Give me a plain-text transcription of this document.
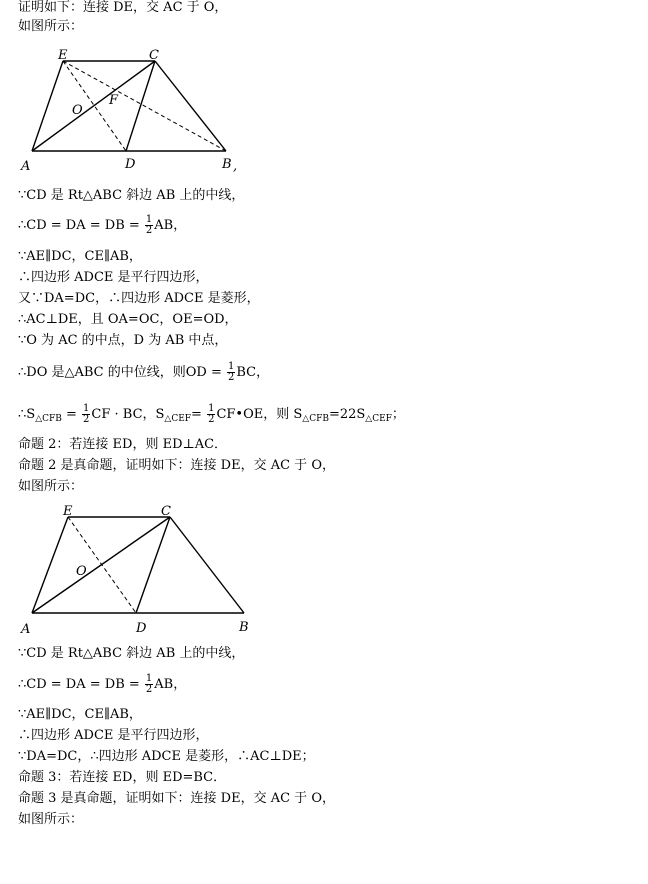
证明如下：连接 DE，交 AC 于 O，
如图所示：
E	C
O
F
A	D	B ,
∵CD 是 Rt△ABC 斜边 AB 上的中线，
∴CD = DA = DB = $\frac{1}{2}$ AB，
∵AE∥DC，CE∥AB，
∴四边形 ADCE 是平行四边形，
又∵DA=DC，∴四边形 ADCE 是菱形，
∴AC⊥DE，且 OA=OC，OE=OD，
∵O 为 AC 的中点，D 为 AB 中点，
∴DO 是△ABC 的中位线，则OD = $\frac{1}{2}$ BC，
$\therefore S_{\triangle CFB} = \frac{1}{2}$ CF · BC，$S_{\triangle CEF}= \frac{1}{2}$ CF•OE，则 $S_{\triangle CFB}=22S_{\triangle CEF}$；
命题 2：若连接 ED，则 ED⊥AC．
命题 2 是真命题，证明如下：连接 DE，交 AC 于 O，
如图所示：
E	C
O
A	D	B
∵CD 是 Rt△ABC 斜边 AB 上的中线，
∴CD = DA = DB = $\frac{1}{2}$ AB，
∵AE∥DC，CE∥AB，
∴四边形 ADCE 是平行四边形，
∵DA=DC，∴四边形 ADCE 是菱形，∴AC⊥DE；
命题 3：若连接 ED，则 ED=BC．
命题 3 是真命题，证明如下：连接 DE，交 AC 于 O，
如图所示：
